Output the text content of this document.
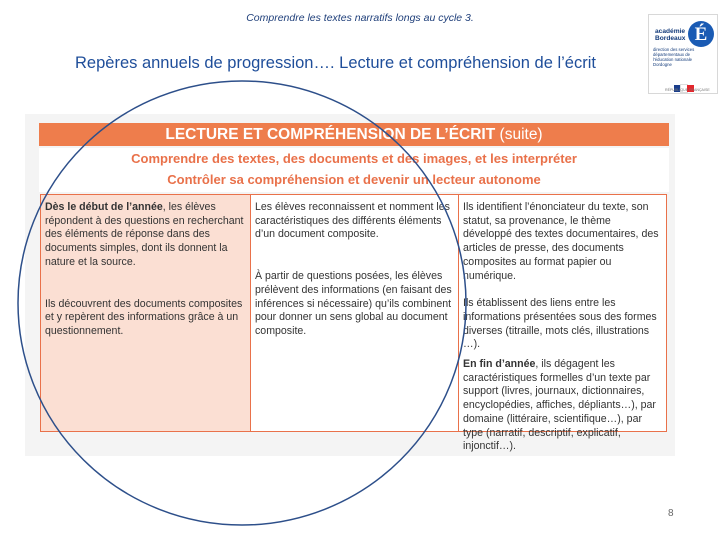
Comprendre les textes narratifs longs au cycle 3.
Repères annuels de progression…. Lecture et compréhension de l’écrit
É
académie
Bordeaux
direction des services départementaux de l'éducation nationale Dordogne
RÉPUBLIQUE FRANÇAISE
LECTURE ET COMPRÉHENSION DE L’ÉCRIT (suite)
Comprendre des textes, des documents et des images, et les interpréter
Contrôler sa compréhension et devenir un lecteur autonome

Dès le début de l’année, les élèves répondent à des questions en recherchant des éléments de réponse dans des documents simples, dont ils donnent la nature et la source.

Ils découvrent des documents composites et y repèrent des informations grâce à un questionnement.

Les élèves reconnaissent et nomment les caractéristiques des différents éléments d’un document composite.

À partir de questions posées, les élèves prélèvent des informations (en faisant des inférences si nécessaire) qu’ils combinent pour donner un sens global au document composite.

Ils identifient l’énonciateur du texte, son statut, sa provenance, le thème développé des textes documentaires, des articles de presse, des documents composites au format papier ou numérique.

Ils établissent des liens entre les informations présentées sous des formes diverses (titraille, mots clés, illustrations …).

En fin d’année, ils dégagent les caractéristiques formelles d’un texte par support (livres, journaux, dictionnaires, encyclopédies, affiches, dépliants…), par domaine (littéraire, scientifique…), par type (narratif, descriptif, explicatif, injonctif…).

8
